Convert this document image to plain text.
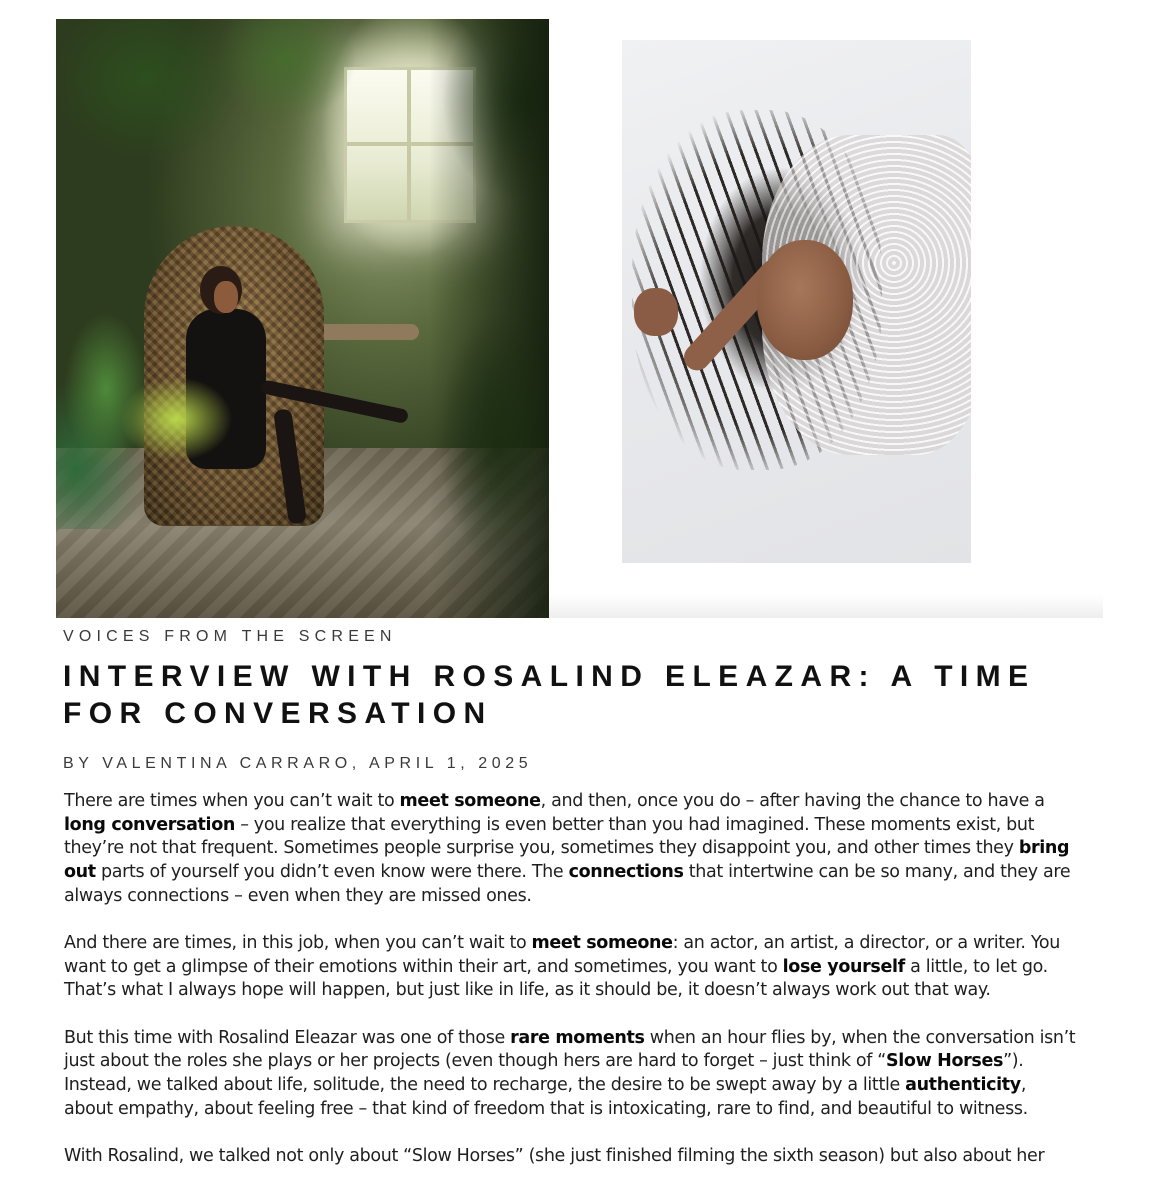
VOICES FROM THE SCREEN

INTERVIEW WITH ROSALIND ELEAZAR: A TIME FOR CONVERSATION

BY VALENTINA CARRARO, APRIL 1, 2025

There are times when you can’t wait to meet someone, and then, once you do – after having the chance to have a long conversation – you realize that everything is even better than you had imagined. These moments exist, but they’re not that frequent. Sometimes people surprise you, sometimes they disappoint you, and other times they bring out parts of yourself you didn’t even know were there. The connections that intertwine can be so many, and they are always connections – even when they are missed ones.

And there are times, in this job, when you can’t wait to meet someone: an actor, an artist, a director, or a writer. You want to get a glimpse of their emotions within their art, and sometimes, you want to lose yourself a little, to let go. That’s what I always hope will happen, but just like in life, as it should be, it doesn’t always work out that way.

But this time with Rosalind Eleazar was one of those rare moments when an hour flies by, when the conversation isn’t just about the roles she plays or her projects (even though hers are hard to forget – just think of “Slow Horses”). Instead, we talked about life, solitude, the need to recharge, the desire to be swept away by a little authenticity, about empathy, about feeling free – that kind of freedom that is intoxicating, rare to find, and beautiful to witness.

With Rosalind, we talked not only about “Slow Horses” (she just finished filming the sixth season) but also about her
